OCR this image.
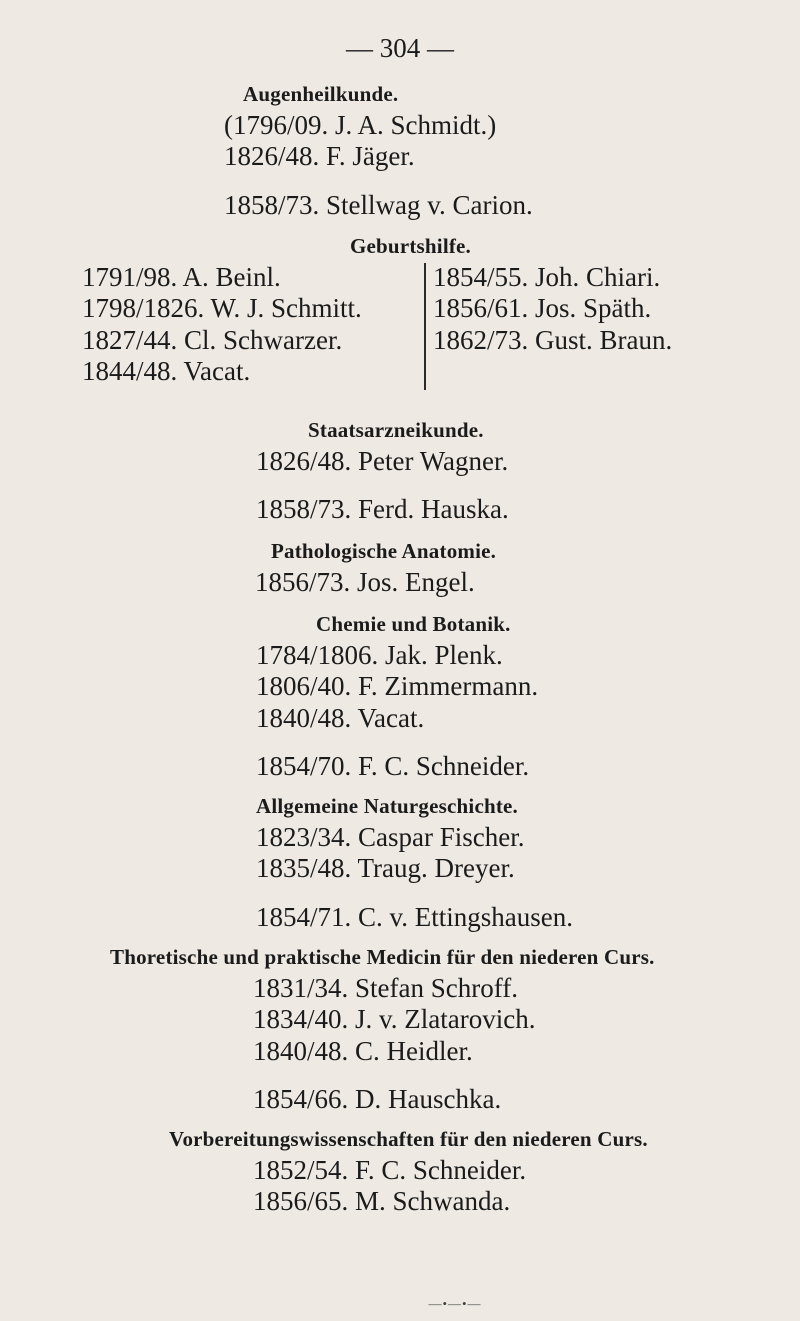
— 304 —
Augenheilkunde.
(1796/09. J. A. Schmidt.)
1826/48. F. Jäger.
1858/73. Stellwag v. Carion.
Geburtshilfe.
1791/98. A. Beinl.
1798/1826. W. J. Schmitt.
1827/44. Cl. Schwarzer.
1844/48. Vacat.
1854/55. Joh. Chiari.
1856/61. Jos. Späth.
1862/73. Gust. Braun.
Staatsarzneikunde.
1826/48. Peter Wagner.
1858/73. Ferd. Hauska.
Pathologische Anatomie.
1856/73. Jos. Engel.
Chemie und Botanik.
1784/1806. Jak. Plenk.
1806/40. F. Zimmermann.
1840/48. Vacat.
1854/70. F. C. Schneider.
Allgemeine Naturgeschichte.
1823/34. Caspar Fischer.
1835/48. Traug. Dreyer.
1854/71. C. v. Ettingshausen.
Thoretische und praktische Medicin für den niederen Curs.
1831/34. Stefan Schroff.
1834/40. J. v. Zlatarovich.
1840/48. C. Heidler.
1854/66. D. Hauschka.
Vorbereitungswissenschaften für den niederen Curs.
1852/54. F. C. Schneider.
1856/65. M. Schwanda.
—•—•—
